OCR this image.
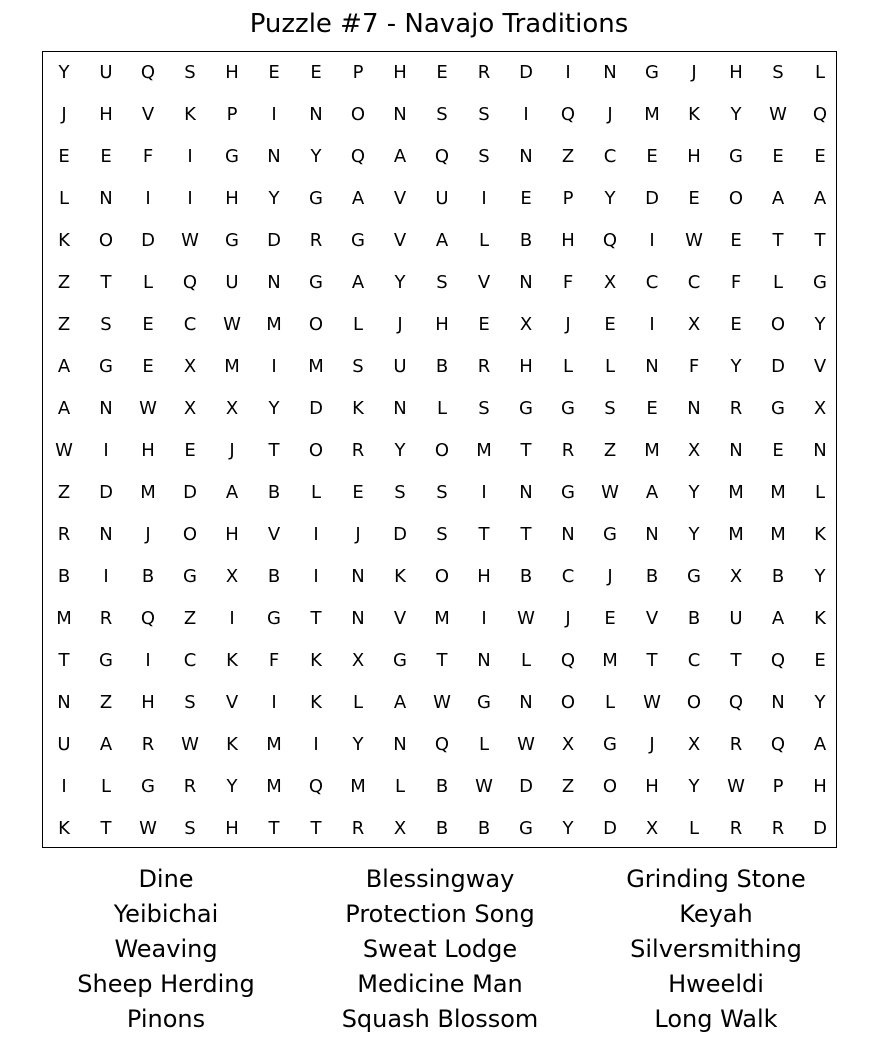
Puzzle #7 - Navajo Traditions
Y	U	Q	S	H	E	E	P	H	E	R	D	I	N	G	J	H	S	L
J	H	V	K	P	I	N	O	N	S	S	I	Q	J	M	K	Y	W	Q
E	E	F	I	G	N	Y	Q	A	Q	S	N	Z	C	E	H	G	E	E
L	N	I	I	H	Y	G	A	V	U	I	E	P	Y	D	E	O	A	A
K	O	D	W	G	D	R	G	V	A	L	B	H	Q	I	W	E	T	T
Z	T	L	Q	U	N	G	A	Y	S	V	N	F	X	C	C	F	L	G
Z	S	E	C	W	M	O	L	J	H	E	X	J	E	I	X	E	O	Y
A	G	E	X	M	I	M	S	U	B	R	H	L	L	N	F	Y	D	V
A	N	W	X	X	Y	D	K	N	L	S	G	G	S	E	N	R	G	X
W	I	H	E	J	T	O	R	Y	O	M	T	R	Z	M	X	N	E	N
Z	D	M	D	A	B	L	E	S	S	I	N	G	W	A	Y	M	M	L
R	N	J	O	H	V	I	J	D	S	T	T	N	G	N	Y	M	M	K
B	I	B	G	X	B	I	N	K	O	H	B	C	J	B	G	X	B	Y
M	R	Q	Z	I	G	T	N	V	M	I	W	J	E	V	B	U	A	K
T	G	I	C	K	F	K	X	G	T	N	L	Q	M	T	C	T	Q	E
N	Z	H	S	V	I	K	L	A	W	G	N	O	L	W	O	Q	N	Y
U	A	R	W	K	M	I	Y	N	Q	L	W	X	G	J	X	R	Q	A
I	L	G	R	Y	M	Q	M	L	B	W	D	Z	O	H	Y	W	P	H
K	T	W	S	H	T	T	R	X	B	B	G	Y	D	X	L	R	R	D
Dine
Yeibichai
Weaving
Sheep Herding
Pinons
Blessingway
Protection Song
Sweat Lodge
Medicine Man
Squash Blossom
Grinding Stone
Keyah
Silversmithing
Hweeldi
Long Walk
